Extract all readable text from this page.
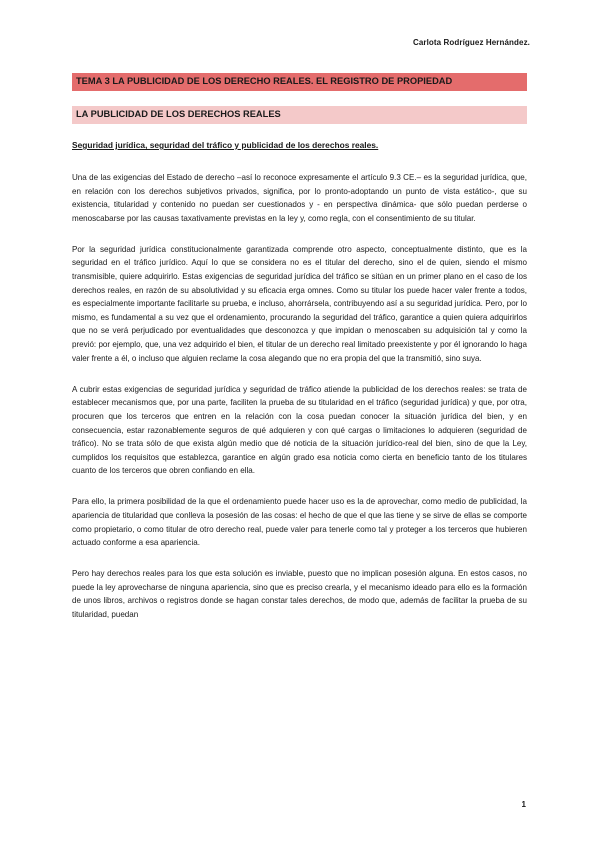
Carlota Rodríguez Hernández.
TEMA 3 LA PUBLICIDAD DE LOS DERECHO REALES. EL REGISTRO DE PROPIEDAD
LA PUBLICIDAD DE LOS DERECHOS REALES
Seguridad jurídica, seguridad del tráfico y publicidad de los derechos reales.

Una de las exigencias del Estado de derecho –así lo reconoce expresamente el artículo 9.3 CE.– es la seguridad jurídica, que, en relación con los derechos subjetivos privados, significa, por lo pronto-adoptando un punto de vista estático-, que su existencia, titularidad y contenido no puedan ser cuestionados y - en perspectiva dinámica- que sólo puedan perderse o menoscabarse por las causas taxativamente previstas en la ley y, como regla, con el consentimiento de su titular.

Por la seguridad jurídica constitucionalmente garantizada comprende otro aspecto, conceptualmente distinto, que es la seguridad en el tráfico jurídico. Aquí lo que se considera no es el titular del derecho, sino el de quien, siendo el mismo transmisible, quiere adquirirlo. Estas exigencias de seguridad jurídica del tráfico se sitúan en un primer plano en el caso de los derechos reales, en razón de su absolutividad y su eficacia erga omnes. Como su titular los puede hacer valer frente a todos, es especialmente importante facilitarle su prueba, e incluso, ahorrársela, contribuyendo así a su seguridad jurídica. Pero, por lo mismo, es fundamental a su vez que el ordenamiento, procurando la seguridad del tráfico, garantice a quien quiera adquirirlos que no se verá perjudicado por eventualidades que desconozca y que impidan o menoscaben su adquisición tal y como la previó: por ejemplo, que, una vez adquirido el bien, el titular de un derecho real limitado preexistente y por él ignorando lo haga valer frente a él, o incluso que alguien reclame la cosa alegando que no era propia del que la transmitió, sino suya.

A cubrir estas exigencias de seguridad jurídica y seguridad de tráfico atiende la publicidad de los derechos reales: se trata de establecer mecanismos que, por una parte, faciliten la prueba de su titularidad en el tráfico (seguridad jurídica) y que, por otra, procuren que los terceros que entren en la relación con la cosa puedan conocer la situación jurídica del bien, y en consecuencia, estar razonablemente seguros de qué adquieren y con qué cargas o limitaciones lo adquieren (seguridad de tráfico). No se trata sólo de que exista algún medio que dé noticia de la situación jurídico-real del bien, sino de que la Ley, cumplidos los requisitos que establezca, garantice en algún grado esa noticia como cierta en beneficio tanto de los titulares cuanto de los terceros que obren confiando en ella.

Para ello, la primera posibilidad de la que el ordenamiento puede hacer uso es la de aprovechar, como medio de publicidad, la apariencia de titularidad que conlleva la posesión de las cosas: el hecho de que el que las tiene y se sirve de ellas se comporte como propietario, o como titular de otro derecho real, puede valer para tenerle como tal y proteger a los terceros que hubieren actuado conforme a esa apariencia.

Pero hay derechos reales para los que esta solución es inviable, puesto que no implican posesión alguna. En estos casos, no puede la ley aprovecharse de ninguna apariencia, sino que es preciso crearla, y el mecanismo ideado para ello es la formación de unos libros, archivos o registros donde se hagan constar tales derechos, de modo que, además de facilitar la prueba de su titularidad, puedan

1
